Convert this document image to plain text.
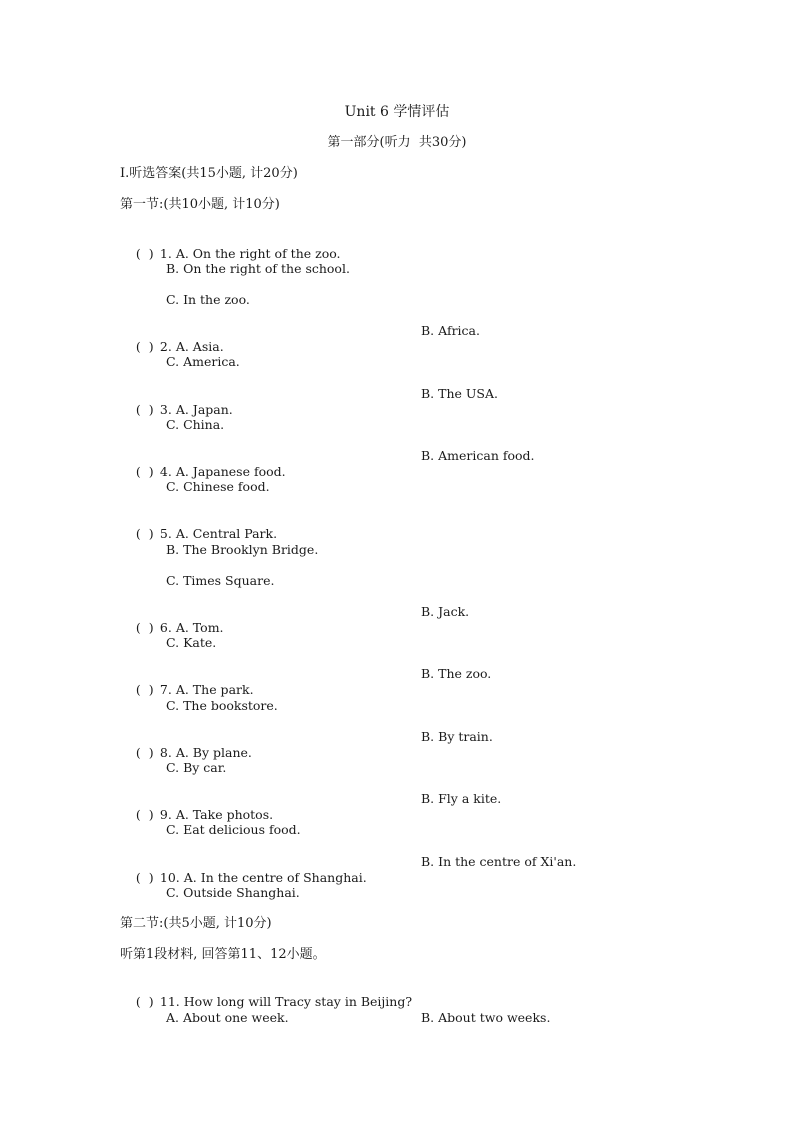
Unit 6 学情评估
第一部分(听力  共30分)
Ⅰ.听选答案(共15小题, 计20分)
第一节:(共10小题, 计10分)

(  ) 1. A. On the right of the zoo.

B. On the right of the school.
C. In the zoo.

(  ) 2. A. Asia.

B. Africa.
C. America.

(  ) 3. A. Japan.

B. The USA.
C. China.

(  ) 4. A. Japanese food.

B. American food.
C. Chinese food.

(  ) 5. A. Central Park.

B. The Brooklyn Bridge.
C. Times Square.

(  ) 6. A. Tom.

B. Jack.
C. Kate.

(  ) 7. A. The park.

B. The zoo.
C. The bookstore.

(  ) 8. A. By plane.

B. By train.
C. By car.

(  ) 9. A. Take photos.

B. Fly a kite.
C. Eat delicious food.

(  ) 10. A. In the centre of Shanghai.

B. In the centre of Xi'an.
C. Outside Shanghai.
第二节:(共5小题, 计10分)
听第1段材料, 回答第11、12小题。

(  ) 11. How long will Tracy stay in Beijing?

A. About one week.	B. About two weeks.
